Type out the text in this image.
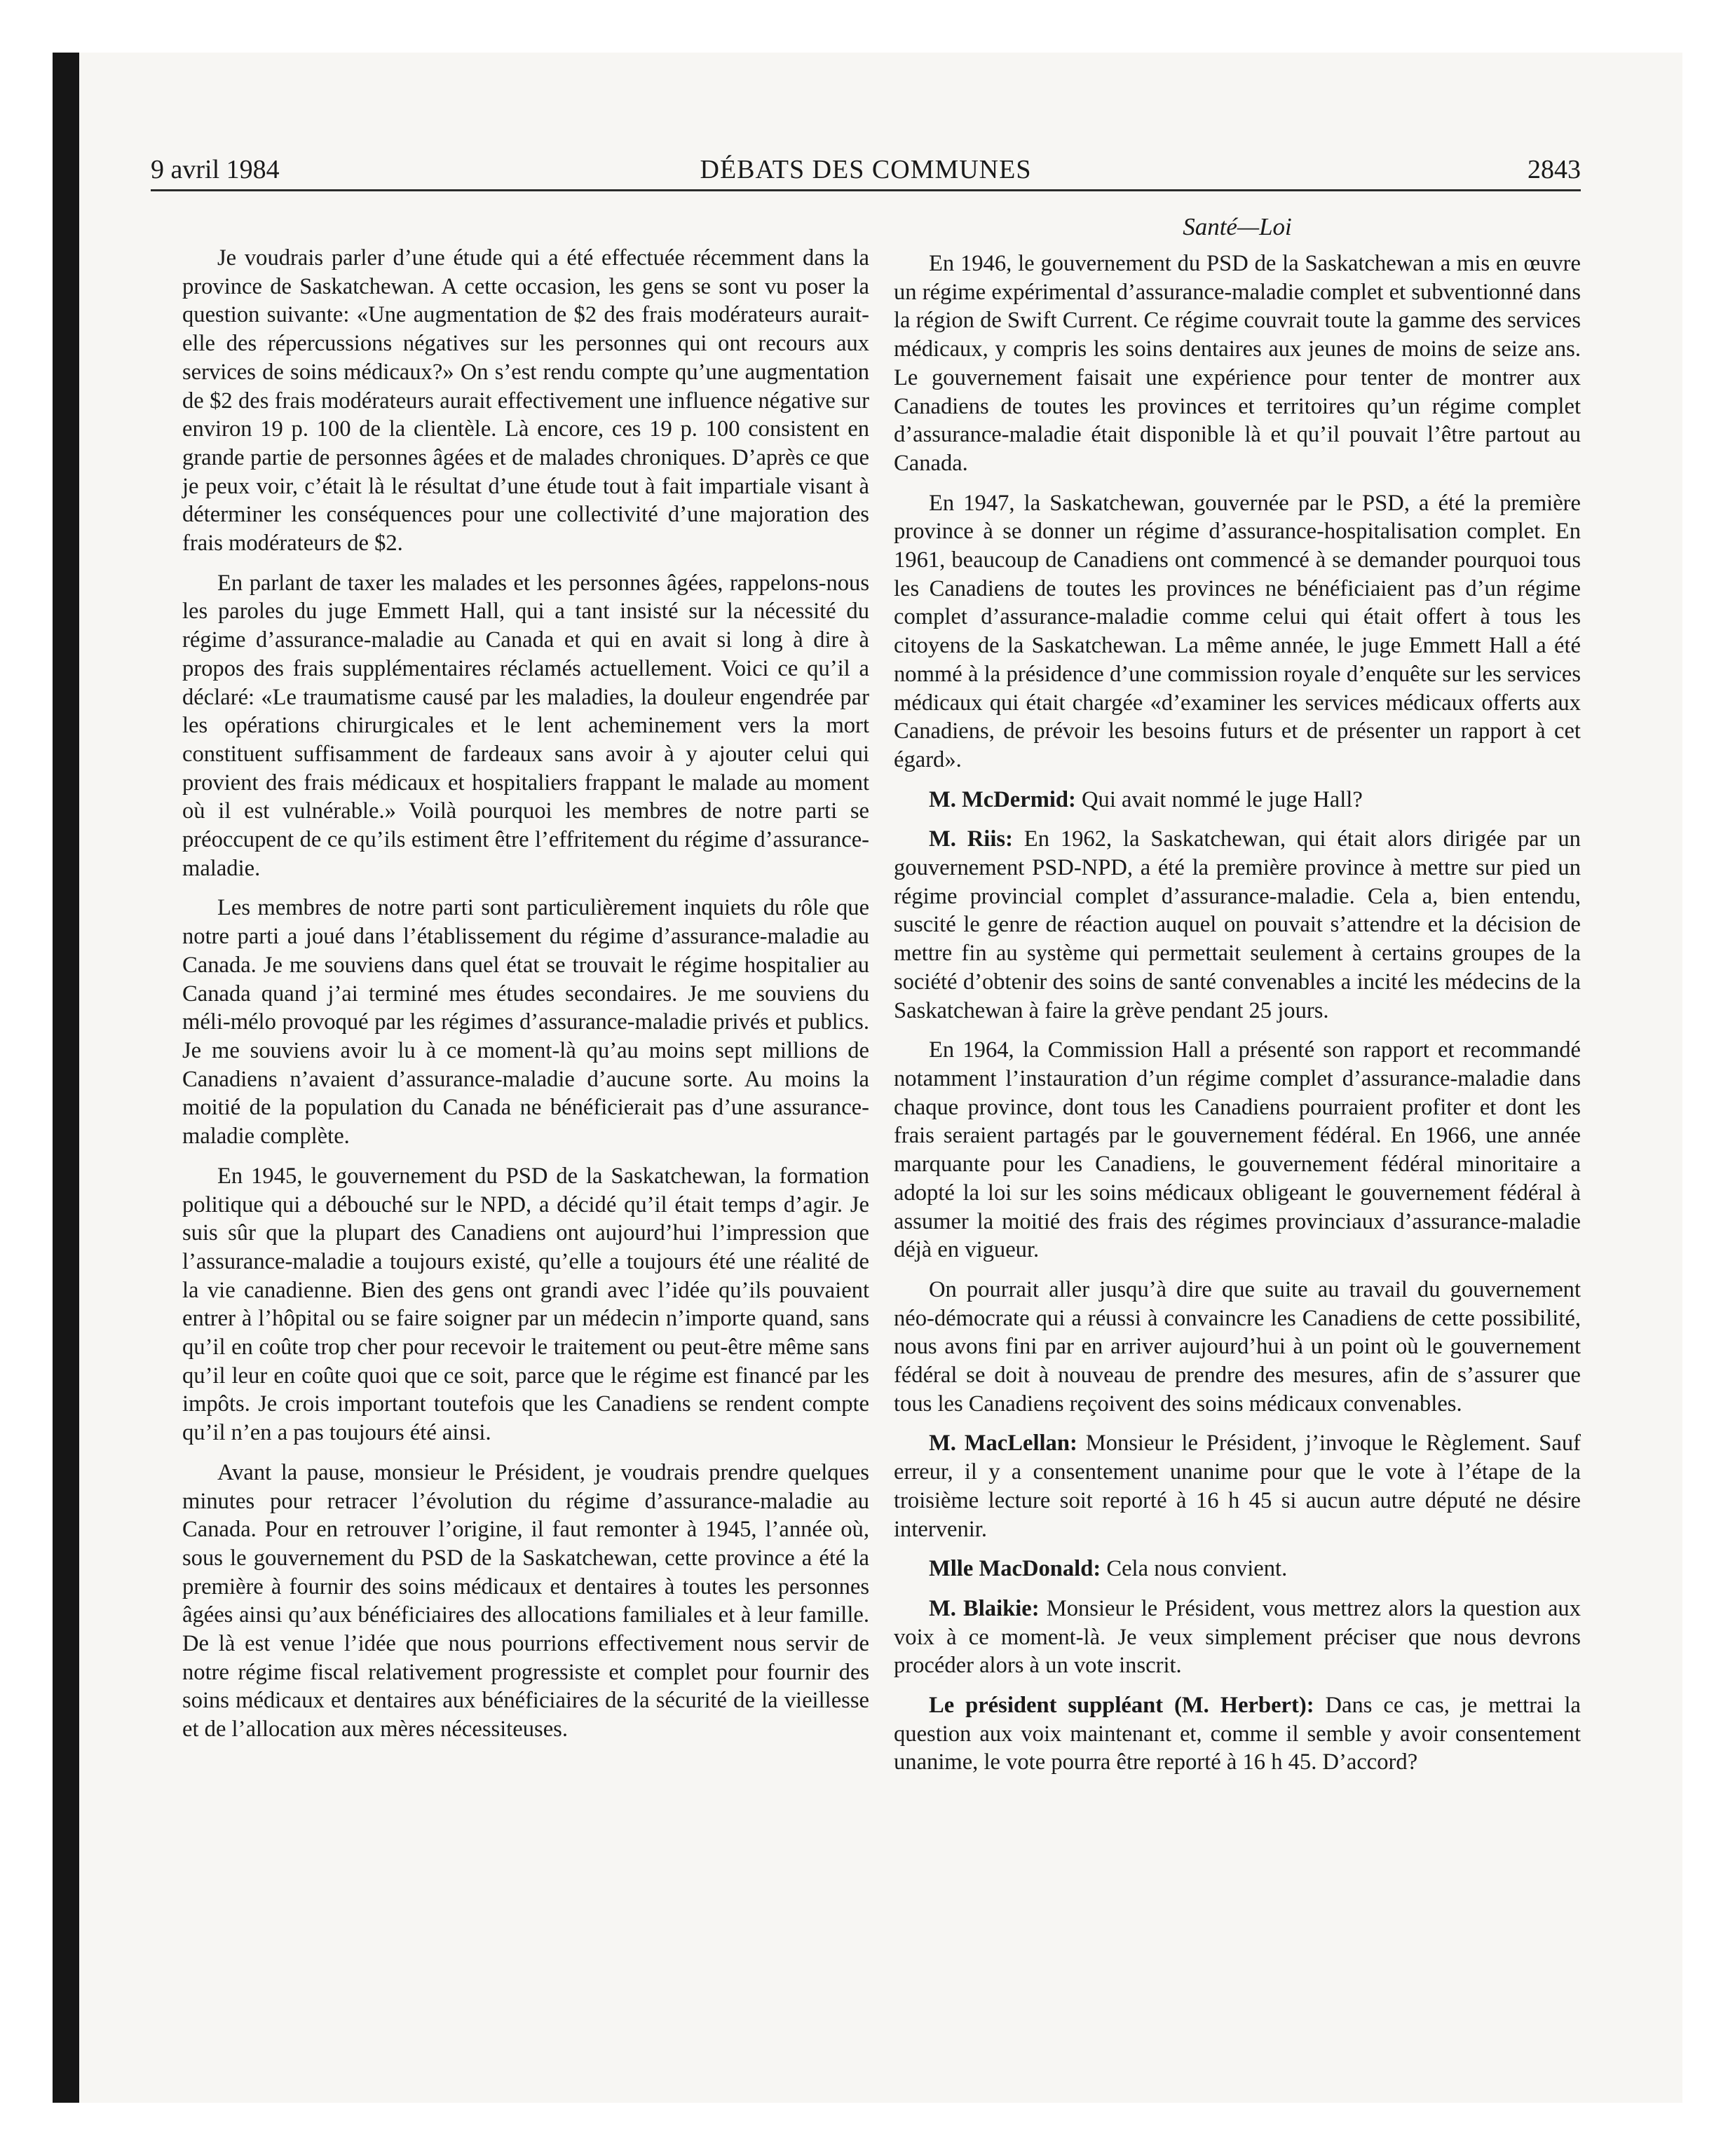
9 avril 1984	DÉBATS DES COMMUNES	2843

Je voudrais parler d’une étude qui a été effectuée récemment dans la province de Saskatchewan. A cette occasion, les gens se sont vu poser la question suivante: «Une augmentation de $2 des frais modérateurs aurait-elle des répercussions négatives sur les personnes qui ont recours aux services de soins médicaux?» On s’est rendu compte qu’une augmentation de $2 des frais modérateurs aurait effectivement une influence négative sur environ 19 p. 100 de la clientèle. Là encore, ces 19 p. 100 consistent en grande partie de personnes âgées et de malades chroniques. D’après ce que je peux voir, c’était là le résultat d’une étude tout à fait impartiale visant à déterminer les conséquences pour une collectivité d’une majoration des frais modérateurs de $2.

En parlant de taxer les malades et les personnes âgées, rappelons-nous les paroles du juge Emmett Hall, qui a tant insisté sur la nécessité du régime d’assurance-maladie au Canada et qui en avait si long à dire à propos des frais supplémentaires réclamés actuellement. Voici ce qu’il a déclaré: «Le traumatisme causé par les maladies, la douleur engendrée par les opérations chirurgicales et le lent acheminement vers la mort constituent suffisamment de fardeaux sans avoir à y ajouter celui qui provient des frais médicaux et hospitaliers frappant le malade au moment où il est vulnérable.» Voilà pourquoi les membres de notre parti se préoccupent de ce qu’ils estiment être l’effritement du régime d’assurance-maladie.

Les membres de notre parti sont particulièrement inquiets du rôle que notre parti a joué dans l’établissement du régime d’assurance-maladie au Canada. Je me souviens dans quel état se trouvait le régime hospitalier au Canada quand j’ai terminé mes études secondaires. Je me souviens du méli-mélo provoqué par les régimes d’assurance-maladie privés et publics. Je me souviens avoir lu à ce moment-là qu’au moins sept millions de Canadiens n’avaient d’assurance-maladie d’aucune sorte. Au moins la moitié de la population du Canada ne bénéficierait pas d’une assurance-maladie complète.

En 1945, le gouvernement du PSD de la Saskatchewan, la formation politique qui a débouché sur le NPD, a décidé qu’il était temps d’agir. Je suis sûr que la plupart des Canadiens ont aujourd’hui l’impression que l’assurance-maladie a toujours existé, qu’elle a toujours été une réalité de la vie canadienne. Bien des gens ont grandi avec l’idée qu’ils pouvaient entrer à l’hôpital ou se faire soigner par un médecin n’importe quand, sans qu’il en coûte trop cher pour recevoir le traitement ou peut-être même sans qu’il leur en coûte quoi que ce soit, parce que le régime est financé par les impôts. Je crois important toutefois que les Canadiens se rendent compte qu’il n’en a pas toujours été ainsi.

Avant la pause, monsieur le Président, je voudrais prendre quelques minutes pour retracer l’évolution du régime d’assurance-maladie au Canada. Pour en retrouver l’origine, il faut remonter à 1945, l’année où, sous le gouvernement du PSD de la Saskatchewan, cette province a été la première à fournir des soins médicaux et dentaires à toutes les personnes âgées ainsi qu’aux bénéficiaires des allocations familiales et à leur famille. De là est venue l’idée que nous pourrions effectivement nous servir de notre régime fiscal relativement progressiste et complet pour fournir des soins médicaux et dentaires aux bénéficiaires de la sécurité de la vieillesse et de l’allocation aux mères nécessiteuses.

Santé—Loi

En 1946, le gouvernement du PSD de la Saskatchewan a mis en œuvre un régime expérimental d’assurance-maladie complet et subventionné dans la région de Swift Current. Ce régime couvrait toute la gamme des services médicaux, y compris les soins dentaires aux jeunes de moins de seize ans. Le gouvernement faisait une expérience pour tenter de montrer aux Canadiens de toutes les provinces et territoires qu’un régime complet d’assurance-maladie était disponible là et qu’il pouvait l’être partout au Canada.

En 1947, la Saskatchewan, gouvernée par le PSD, a été la première province à se donner un régime d’assurance-hospitalisation complet. En 1961, beaucoup de Canadiens ont commencé à se demander pourquoi tous les Canadiens de toutes les provinces ne bénéficiaient pas d’un régime complet d’assurance-maladie comme celui qui était offert à tous les citoyens de la Saskatchewan. La même année, le juge Emmett Hall a été nommé à la présidence d’une commission royale d’enquête sur les services médicaux qui était chargée «d’examiner les services médicaux offerts aux Canadiens, de prévoir les besoins futurs et de présenter un rapport à cet égard».

M. McDermid: Qui avait nommé le juge Hall?

M. Riis: En 1962, la Saskatchewan, qui était alors dirigée par un gouvernement PSD-NPD, a été la première province à mettre sur pied un régime provincial complet d’assurance-maladie. Cela a, bien entendu, suscité le genre de réaction auquel on pouvait s’attendre et la décision de mettre fin au système qui permettait seulement à certains groupes de la société d’obtenir des soins de santé convenables a incité les médecins de la Saskatchewan à faire la grève pendant 25 jours.

En 1964, la Commission Hall a présenté son rapport et recommandé notamment l’instauration d’un régime complet d’assurance-maladie dans chaque province, dont tous les Canadiens pourraient profiter et dont les frais seraient partagés par le gouvernement fédéral. En 1966, une année marquante pour les Canadiens, le gouvernement fédéral minoritaire a adopté la loi sur les soins médicaux obligeant le gouvernement fédéral à assumer la moitié des frais des régimes provinciaux d’assurance-maladie déjà en vigueur.

On pourrait aller jusqu’à dire que suite au travail du gouvernement néo-démocrate qui a réussi à convaincre les Canadiens de cette possibilité, nous avons fini par en arriver aujourd’hui à un point où le gouvernement fédéral se doit à nouveau de prendre des mesures, afin de s’assurer que tous les Canadiens reçoivent des soins médicaux convenables.

M. MacLellan: Monsieur le Président, j’invoque le Règlement. Sauf erreur, il y a consentement unanime pour que le vote à l’étape de la troisième lecture soit reporté à 16 h 45 si aucun autre député ne désire intervenir.

Mlle MacDonald: Cela nous convient.

M. Blaikie: Monsieur le Président, vous mettrez alors la question aux voix à ce moment-là. Je veux simplement préciser que nous devrons procéder alors à un vote inscrit.

Le président suppléant (M. Herbert): Dans ce cas, je mettrai la question aux voix maintenant et, comme il semble y avoir consentement unanime, le vote pourra être reporté à 16 h 45. D’accord?
